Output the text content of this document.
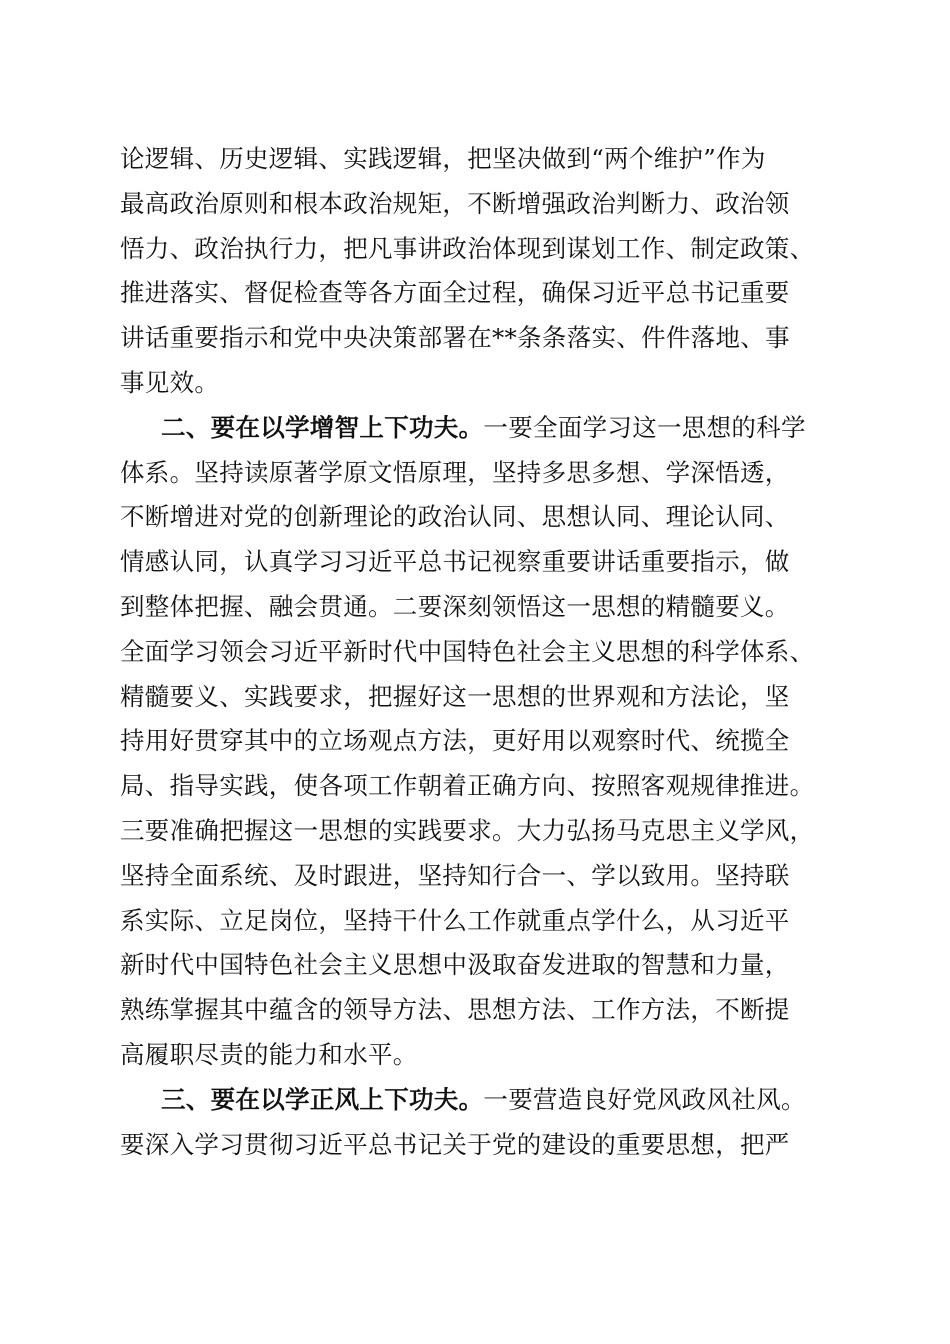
论逻辑、历史逻辑、实践逻辑，把坚决做到“两个维护”作为
最高政治原则和根本政治规矩，不断增强政治判断力、政治领
悟力、政治执行力，把凡事讲政治体现到谋划工作、制定政策、
推进落实、督促检查等各方面全过程，确保习近平总书记重要
讲话重要指示和党中央决策部署在**条条落实、件件落地、事
事见效。
二、要在以学增智上下功夫。一要全面学习这一思想的科学
体系。坚持读原著学原文悟原理，坚持多思多想、学深悟透，
不断增进对党的创新理论的政治认同、思想认同、理论认同、
情感认同，认真学习习近平总书记视察重要讲话重要指示，做
到整体把握、融会贯通。二要深刻领悟这一思想的精髓要义。
全面学习领会习近平新时代中国特色社会主义思想的科学体系、
精髓要义、实践要求，把握好这一思想的世界观和方法论，坚
持用好贯穿其中的立场观点方法，更好用以观察时代、统揽全
局、指导实践，使各项工作朝着正确方向、按照客观规律推进。
三要准确把握这一思想的实践要求。大力弘扬马克思主义学风，
坚持全面系统、及时跟进，坚持知行合一、学以致用。坚持联
系实际、立足岗位，坚持干什么工作就重点学什么，从习近平
新时代中国特色社会主义思想中汲取奋发进取的智慧和力量，
熟练掌握其中蕴含的领导方法、思想方法、工作方法，不断提
高履职尽责的能力和水平。
三、要在以学正风上下功夫。一要营造良好党风政风社风。
要深入学习贯彻习近平总书记关于党的建设的重要思想，把严
